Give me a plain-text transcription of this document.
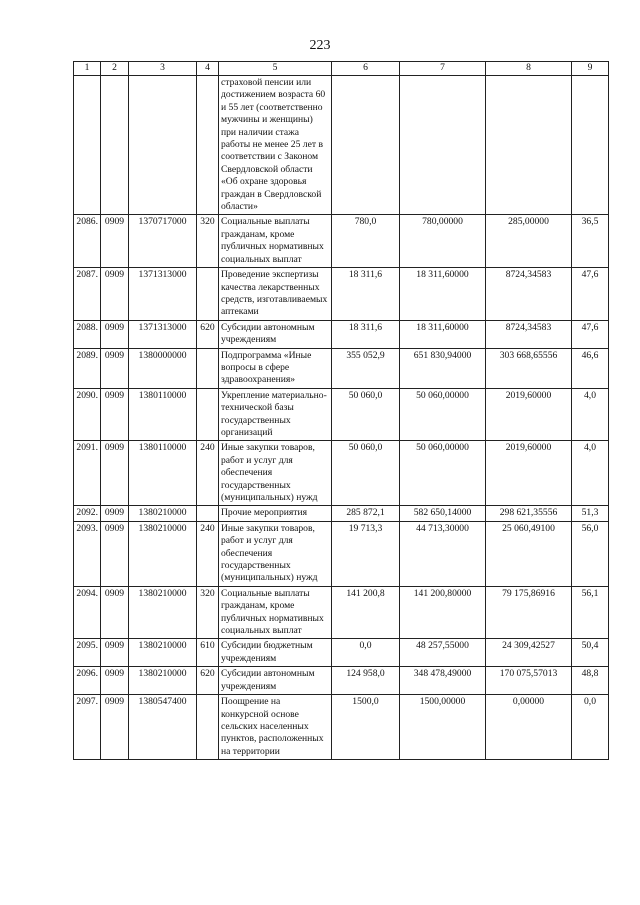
223
1	2	3	4	5	6	7	8	9
				страховой пенсии или достижением возраста 60 и 55 лет (соответственно мужчины и женщины) при наличии стажа работы не менее 25 лет в соответствии с Законом Свердловской области «Об охране здоровья граждан в Свердловской области»				
2086.	0909	1370717000	320	Социальные выплаты гражданам, кроме публичных нормативных социальных выплат	780,0	780,00000	285,00000	36,5
2087.	0909	1371313000		Проведение экспертизы качества лекарственных средств, изготавливаемых аптеками	18 311,6	18 311,60000	8724,34583	47,6
2088.	0909	1371313000	620	Субсидии автономным учреждениям	18 311,6	18 311,60000	8724,34583	47,6
2089.	0909	1380000000		Подпрограмма «Иные вопросы в сфере здравоохранения»	355 052,9	651 830,94000	303 668,65556	46,6
2090.	0909	1380110000		Укрепление материально-технической базы государственных организаций	50 060,0	50 060,00000	2019,60000	4,0
2091.	0909	1380110000	240	Иные закупки товаров, работ и услуг для обеспечения государственных (муниципальных) нужд	50 060,0	50 060,00000	2019,60000	4,0
2092.	0909	1380210000		Прочие мероприятия	285 872,1	582 650,14000	298 621,35556	51,3
2093.	0909	1380210000	240	Иные закупки товаров, работ и услуг для обеспечения государственных (муниципальных) нужд	19 713,3	44 713,30000	25 060,49100	56,0
2094.	0909	1380210000	320	Социальные выплаты гражданам, кроме публичных нормативных социальных выплат	141 200,8	141 200,80000	79 175,86916	56,1
2095.	0909	1380210000	610	Субсидии бюджетным учреждениям	0,0	48 257,55000	24 309,42527	50,4
2096.	0909	1380210000	620	Субсидии автономным учреждениям	124 958,0	348 478,49000	170 075,57013	48,8
2097.	0909	1380547400		Поощрение на конкурсной основе сельских населенных пунктов, расположенных на территории	1500,0	1500,00000	0,00000	0,0
